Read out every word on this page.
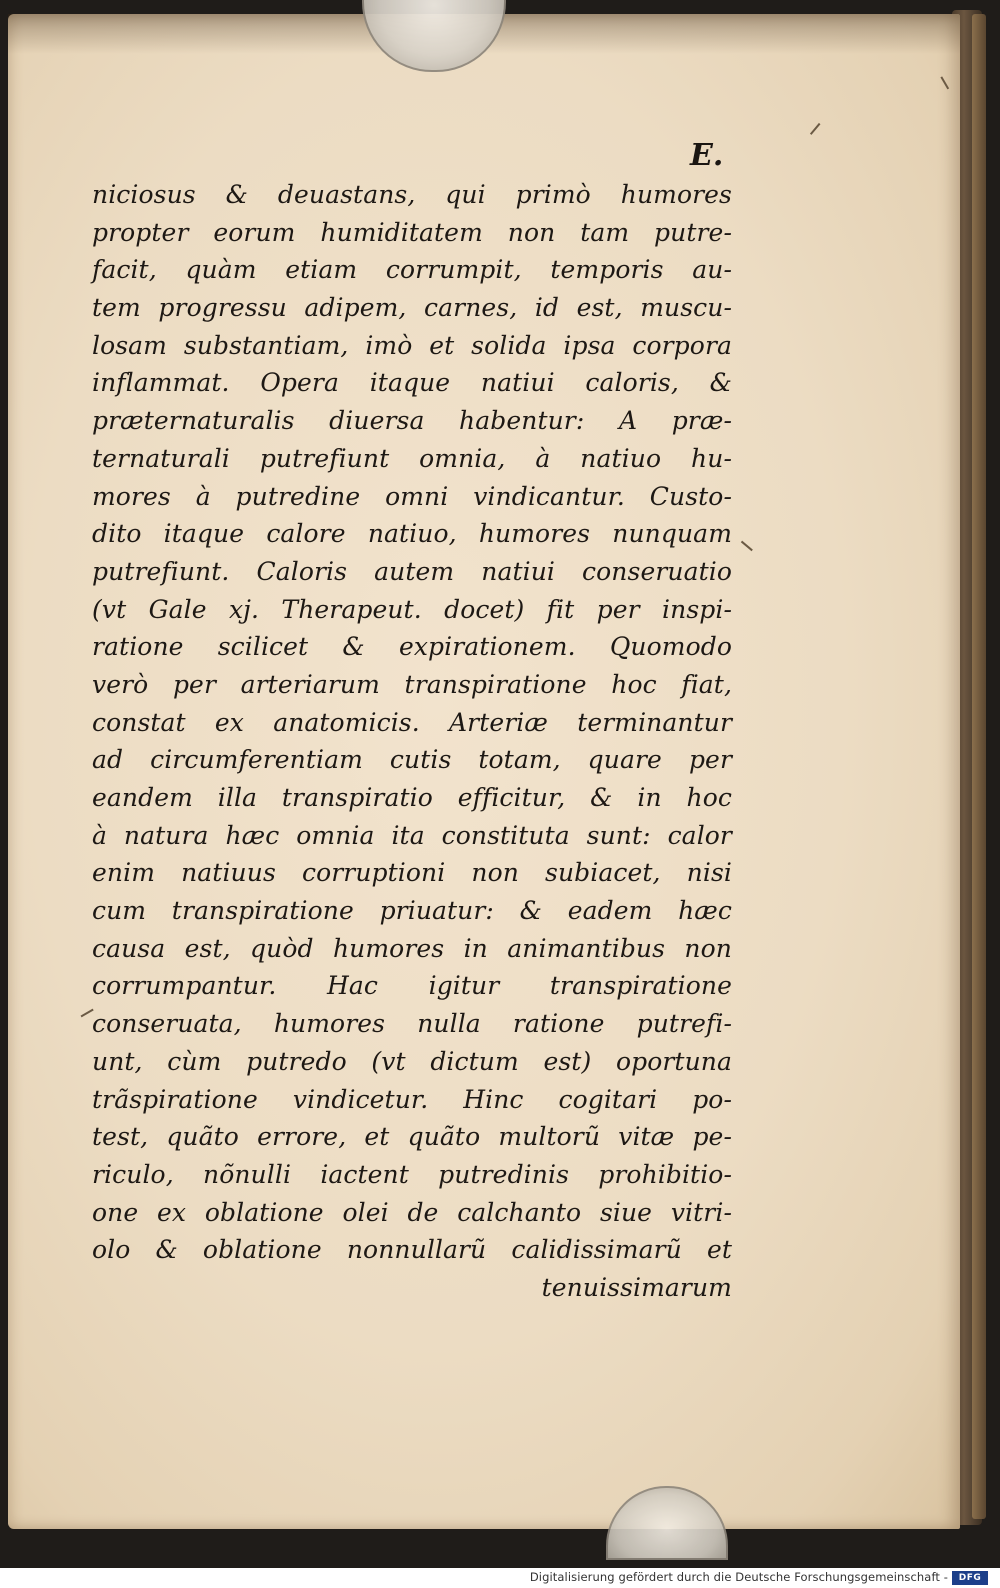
E.
niciosus & deuastans, qui primò humores
propter eorum humiditatem non tam putre-
facit, quàm etiam corrumpit, temporis au-
tem progressu adipem, carnes, id est, muscu-
losam substantiam, imò et solida ipsa corpora
inflammat. Opera itaque natiui caloris, &
præternaturalis diuersa habentur: A præ-
ternaturali putrefiunt omnia, à natiuo hu-
mores à putredine omni vindicantur. Custo-
dito itaque calore natiuo, humores nunquam
putrefiunt. Caloris autem natiui conseruatio
(vt Gale xj. Therapeut. docet) fit per inspi-
ratione scilicet & expirationem. Quomodo
verò per arteriarum transpiratione hoc fiat,
constat ex anatomicis. Arteriæ terminantur
ad circumferentiam cutis totam, quare per
eandem illa transpiratio efficitur, & in hoc
à natura hæc omnia ita constituta sunt: calor
enim natiuus corruptioni non subiacet, nisi
cum transpiratione priuatur: & eadem hæc
causa est, quòd humores in animantibus non
corrumpantur. Hac igitur transpiratione
conseruata, humores nulla ratione putrefi-
unt, cùm putredo (vt dictum est) oportuna
trãspiratione vindicetur. Hinc cogitari po-
test, quãto errore, et quãto multorũ vitæ pe-
riculo, nõnulli iactent putredinis prohibitio-
one ex oblatione olei de calchanto siue vitri-
olo & oblatione nonnullarũ calidissimarũ et
tenuissimarum
Digitalisierung gefördert durch die Deutsche Forschungsgemeinschaft -	DFG
